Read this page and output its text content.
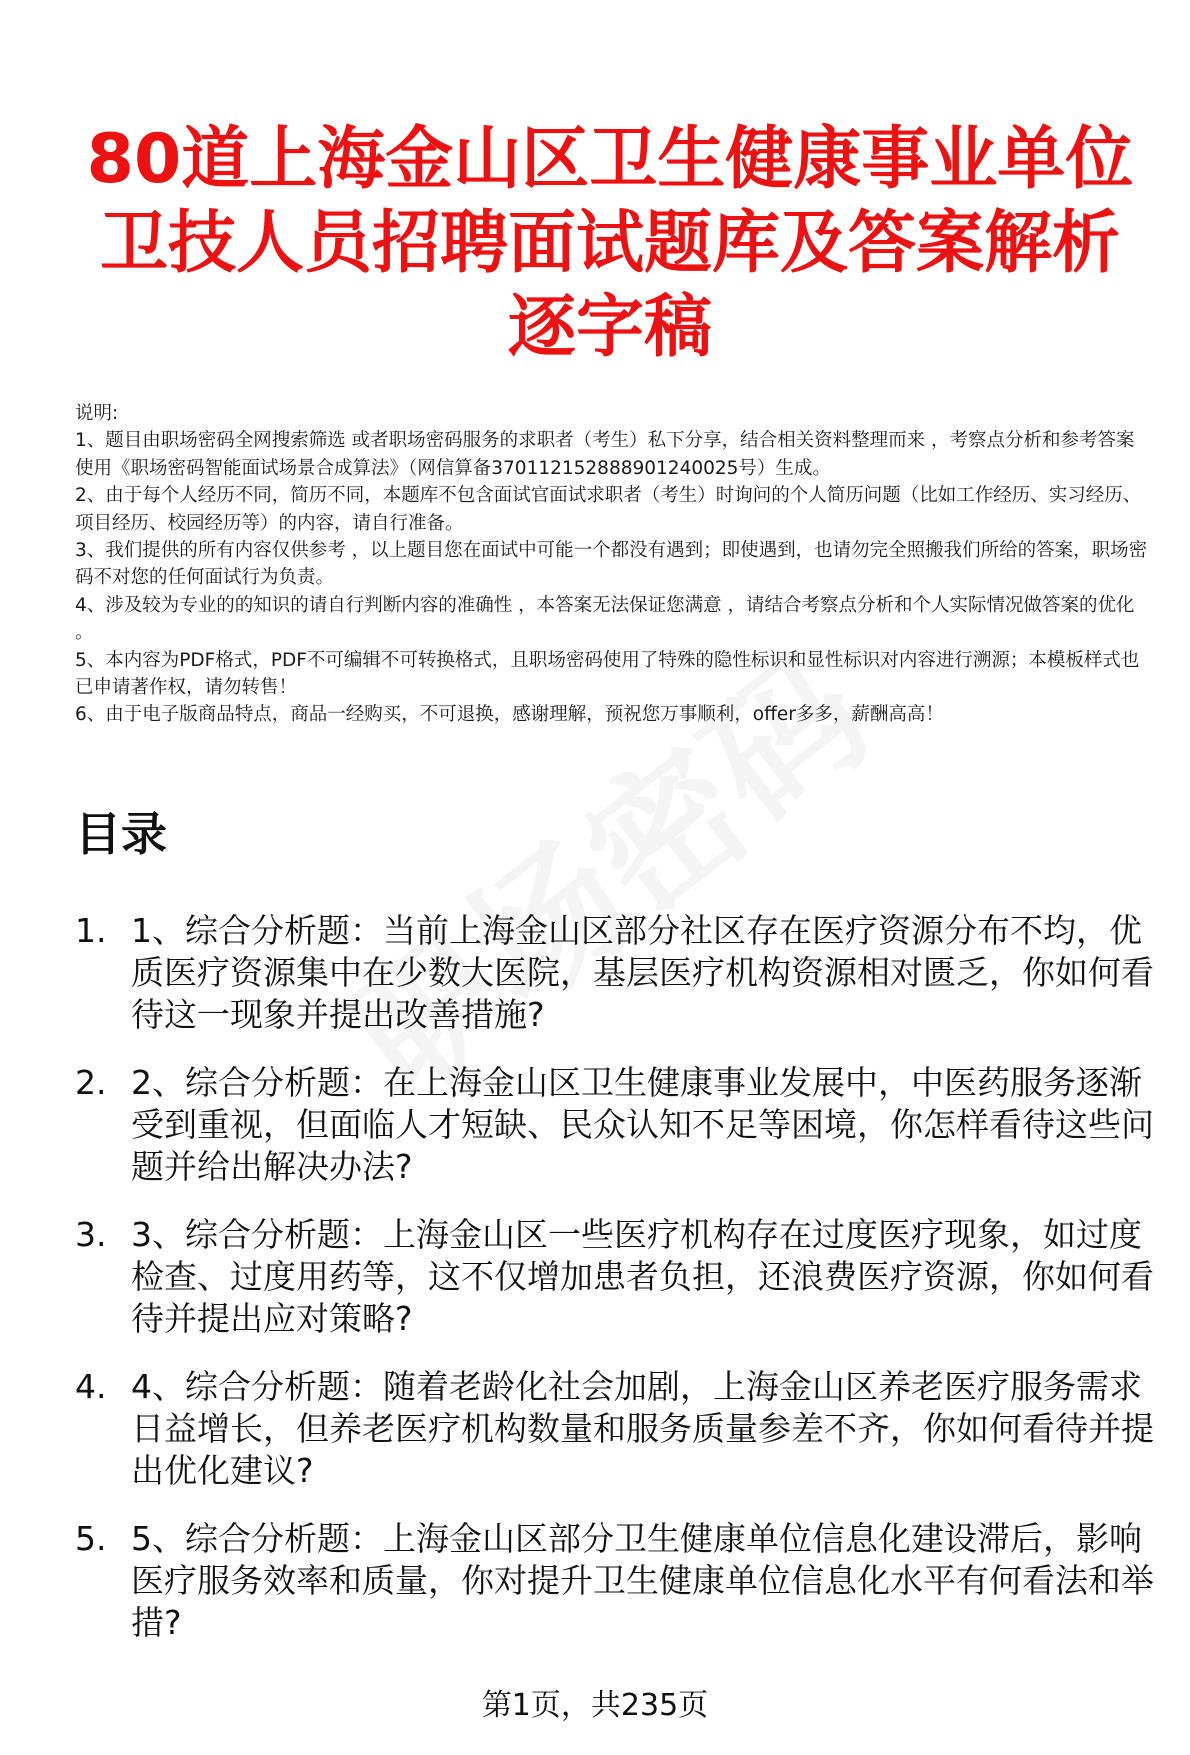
80道上海金山区卫生健康事业单位
卫技人员招聘面试题库及答案解析
逐字稿

说明:

1、题目由职场密码全网搜索筛选 或者职场密码服务的求职者（考生）私下分享，结合相关资料整理而来 ，考察点分析和参考答案使用《职场密码智能面试场景合成算法》（网信算备370112152888901240025号）生成。

2、由于每个人经历不同，简历不同，本题库不包含面试官面试求职者（考生）时询问的个人简历问题（比如工作经历、实习经历、项目经历、校园经历等）的内容，请自行准备。

3、我们提供的所有内容仅供参考 ，以上题目您在面试中可能一个都没有遇到；即使遇到，也请勿完全照搬我们所给的答案，职场密码不对您的任何面试行为负责。

4、涉及较为专业的的知识的请自行判断内容的准确性 ，本答案无法保证您满意 ，请结合考察点分析和个人实际情况做答案的优化 。

5、本内容为PDF格式，PDF不可编辑不可转换格式，且职场密码使用了特殊的隐性标识和显性标识对内容进行溯源；本模板样式也已申请著作权，请勿转售！

6、由于电子版商品特点，商品一经购买，不可退换，感谢理解，预祝您万事顺利，offer多多，薪酬高高！

目录
1. 1、综合分析题：当前上海金山区部分社区存在医疗资源分布不均，优质医疗资源集中在少数大医院，基层医疗机构资源相对匮乏，你如何看待这一现象并提出改善措施?
2. 2、综合分析题：在上海金山区卫生健康事业发展中，中医药服务逐渐受到重视，但面临人才短缺、民众认知不足等困境，你怎样看待这些问题并给出解决办法?
3. 3、综合分析题：上海金山区一些医疗机构存在过度医疗现象，如过度检查、过度用药等，这不仅增加患者负担，还浪费医疗资源，你如何看待并提出应对策略?
4. 4、综合分析题：随着老龄化社会加剧，上海金山区养老医疗服务需求日益增长，但养老医疗机构数量和服务质量参差不齐，你如何看待并提出优化建议?
5. 5、综合分析题：上海金山区部分卫生健康单位信息化建设滞后，影响医疗服务效率和质量，你对提升卫生健康单位信息化水平有何看法和举措?
第1页，共235页
